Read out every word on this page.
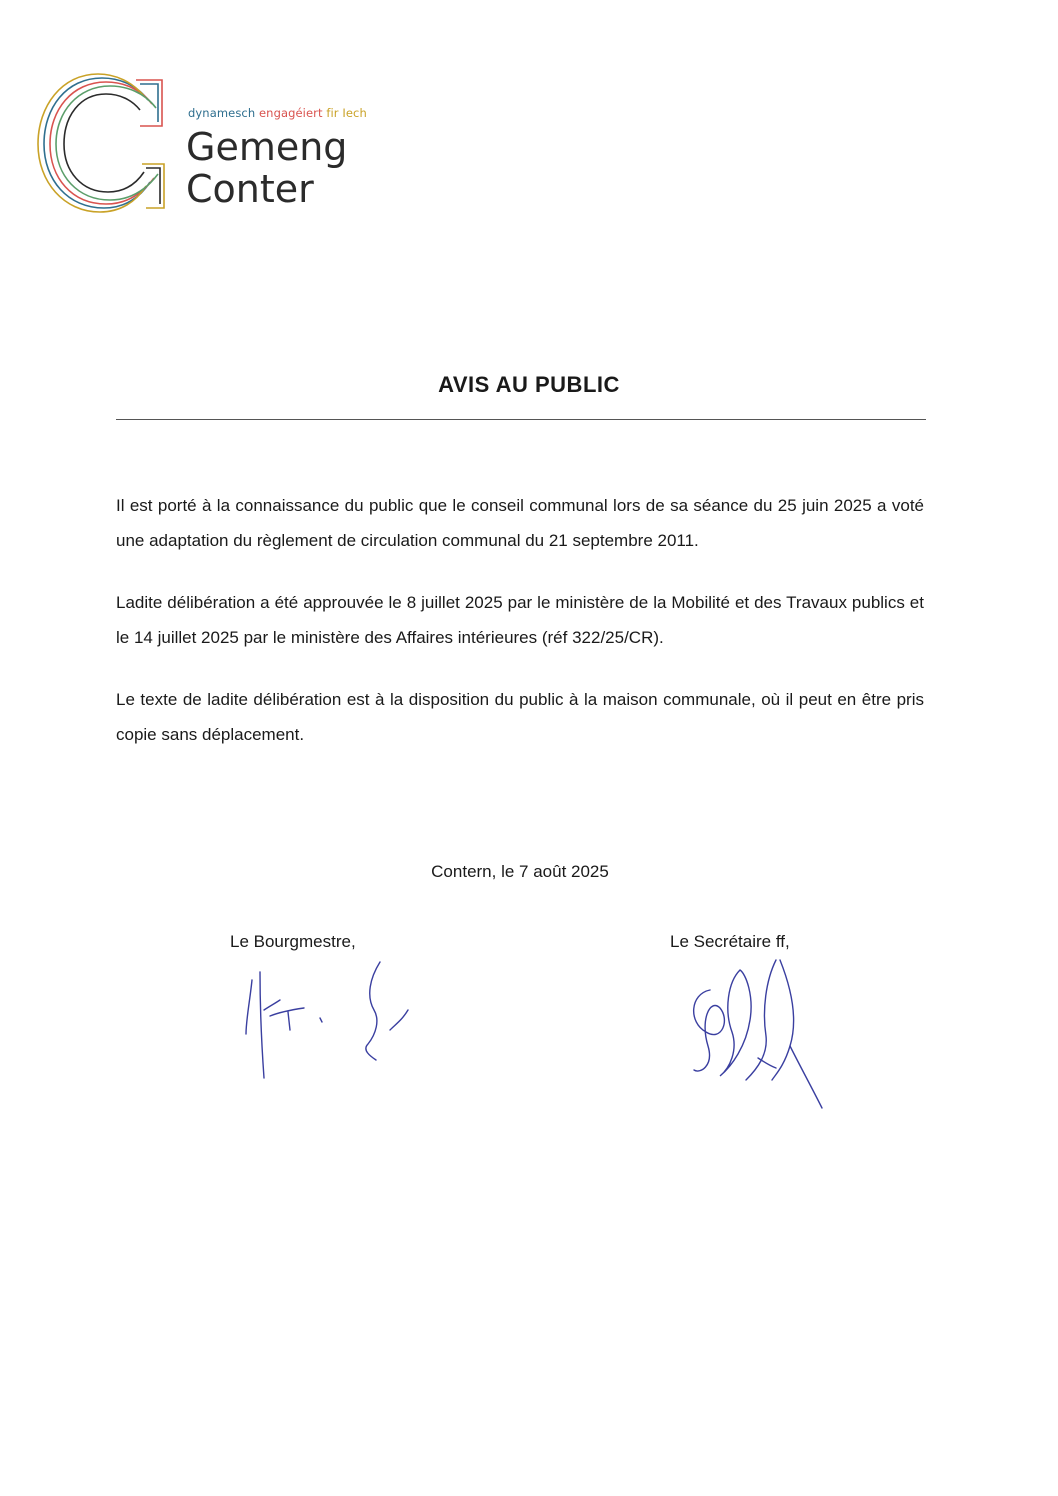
dynamesch engagéiert fir Iech
Gemeng
Conter
AVIS AU PUBLIC

Il est porté à la connaissance du public que le conseil communal lors de sa séance du 25 juin 2025 a voté une adaptation du règlement de circulation communal du 21 septembre 2011.

Ladite délibération a été approuvée le 8 juillet 2025 par le ministère de la Mobilité et des Travaux publics et le 14 juillet 2025 par le ministère des Affaires intérieures (réf 322/25/CR).

Le texte de ladite délibération est à la disposition du public à la maison communale, où il peut en être pris copie sans déplacement.

Contern, le 7 août 2025
Le Bourgmestre,	Le Secrétaire ff,
